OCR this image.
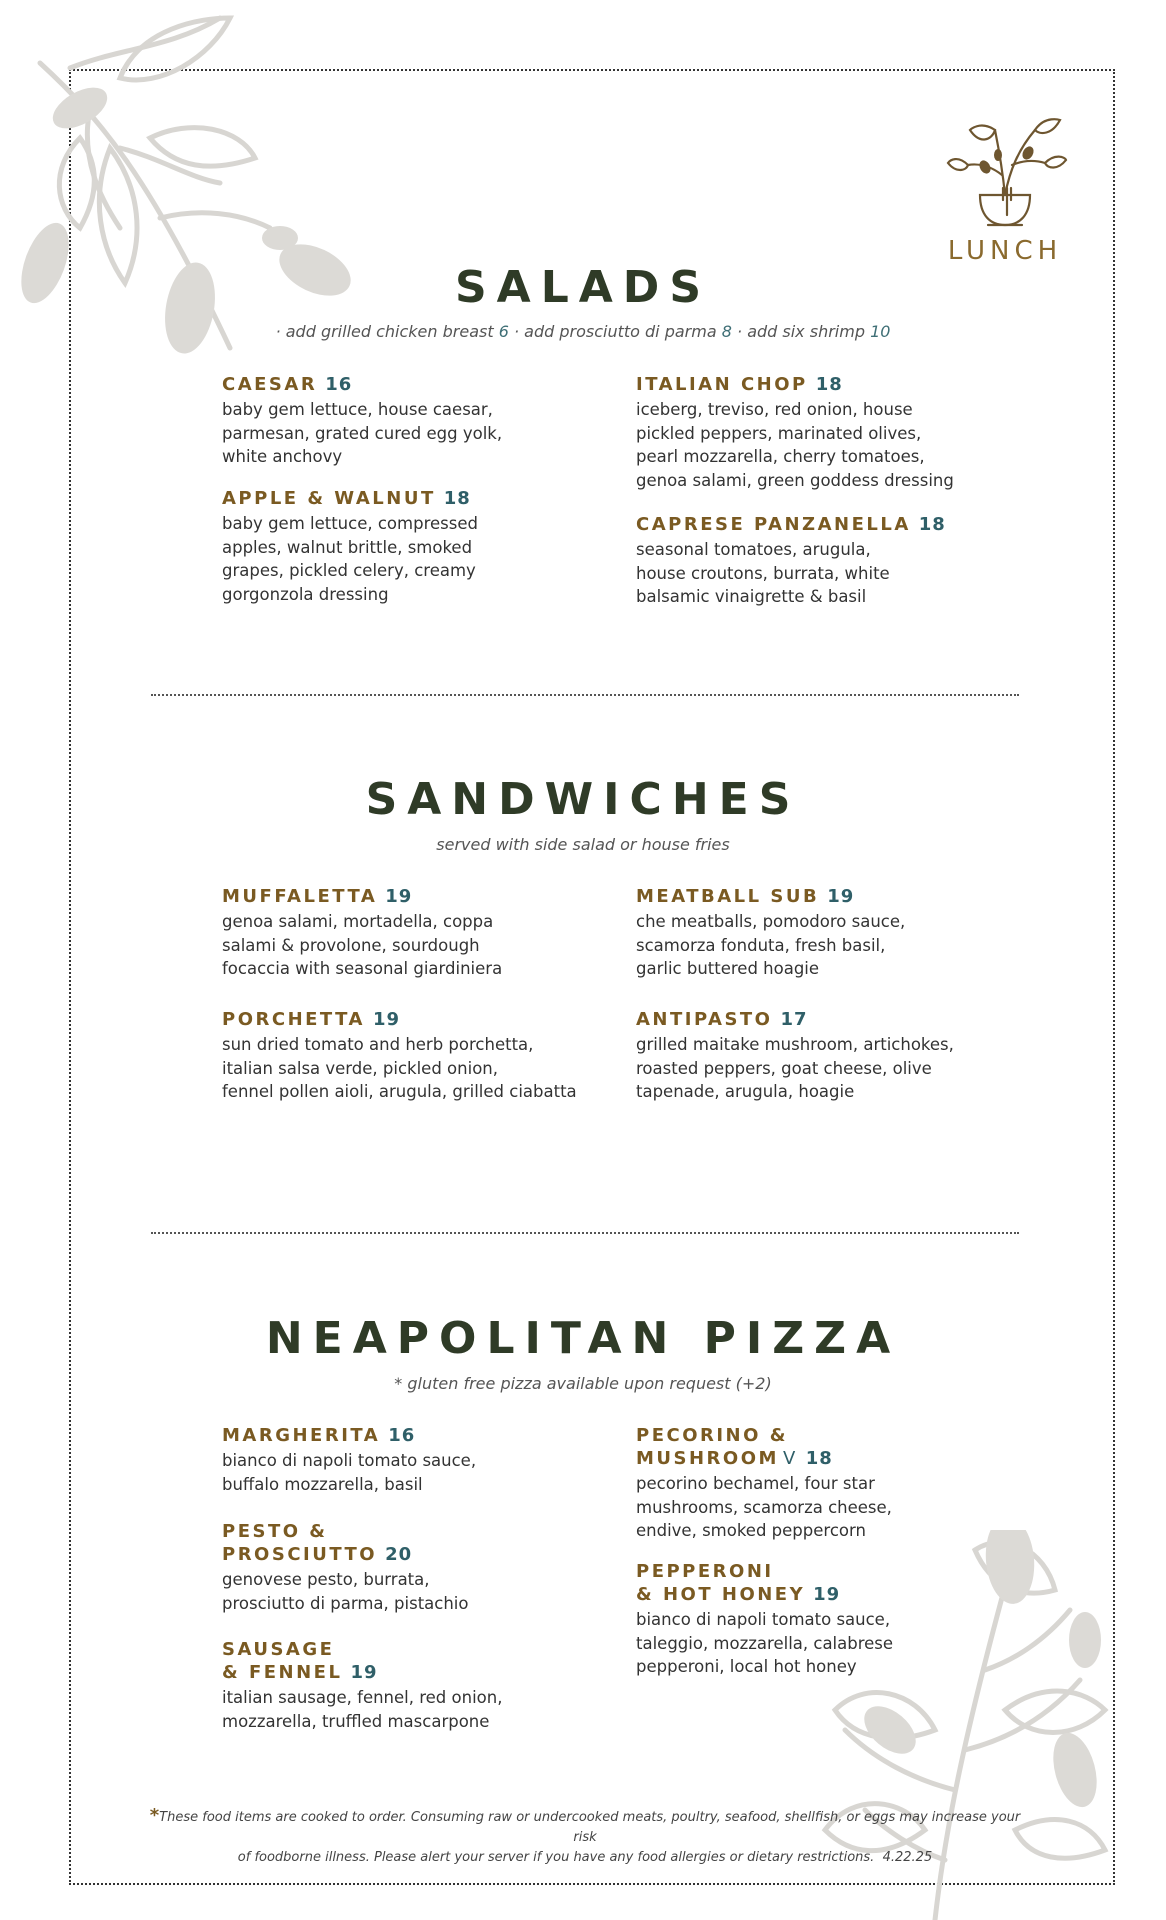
LUNCH
SALADS
· add grilled chicken breast 6 · add prosciutto di parma 8 · add six shrimp 10
CAESAR 16
baby gem lettuce, house caesar,
parmesan, grated cured egg yolk,
white anchovy
APPLE & WALNUT 18
baby gem lettuce, compressed
apples, walnut brittle, smoked
grapes, pickled celery, creamy
gorgonzola dressing
ITALIAN CHOP 18
iceberg, treviso, red onion, house
pickled peppers, marinated olives,
pearl mozzarella, cherry tomatoes,
genoa salami, green goddess dressing
CAPRESE PANZANELLA 18
seasonal tomatoes, arugula,
house croutons, burrata, white
balsamic vinaigrette & basil
SANDWICHES
served with side salad or house fries
MUFFALETTA 19
genoa salami, mortadella, coppa
salami & provolone, sourdough
focaccia with seasonal giardiniera
PORCHETTA 19
sun dried tomato and herb porchetta,
italian salsa verde, pickled onion,
fennel pollen aioli, arugula, grilled ciabatta
MEATBALL SUB 19
che meatballs, pomodoro sauce,
scamorza fonduta, fresh basil,
garlic buttered hoagie
ANTIPASTO 17
grilled maitake mushroom, artichokes,
roasted peppers, goat cheese, olive
tapenade, arugula, hoagie
NEAPOLITAN PIZZA
* gluten free pizza available upon request (+2)
MARGHERITA 16
bianco di napoli tomato sauce,
buffalo mozzarella, basil
PESTO &
PROSCIUTTO 20
genovese pesto, burrata,
prosciutto di parma, pistachio
SAUSAGE
& FENNEL 19
italian sausage, fennel, red onion,
mozzarella, truffled mascarpone
PECORINO &
MUSHROOM V 18
pecorino bechamel, four star
mushrooms, scamorza cheese,
endive, smoked peppercorn
PEPPERONI
& HOT HONEY 19
bianco di napoli tomato sauce,
taleggio, mozzarella, calabrese
pepperoni, local hot honey
*These food items are cooked to order. Consuming raw or undercooked meats, poultry, seafood, shellfish, or eggs may increase your risk
of foodborne illness. Please alert your server if you have any food allergies or dietary restrictions. 4.22.25
